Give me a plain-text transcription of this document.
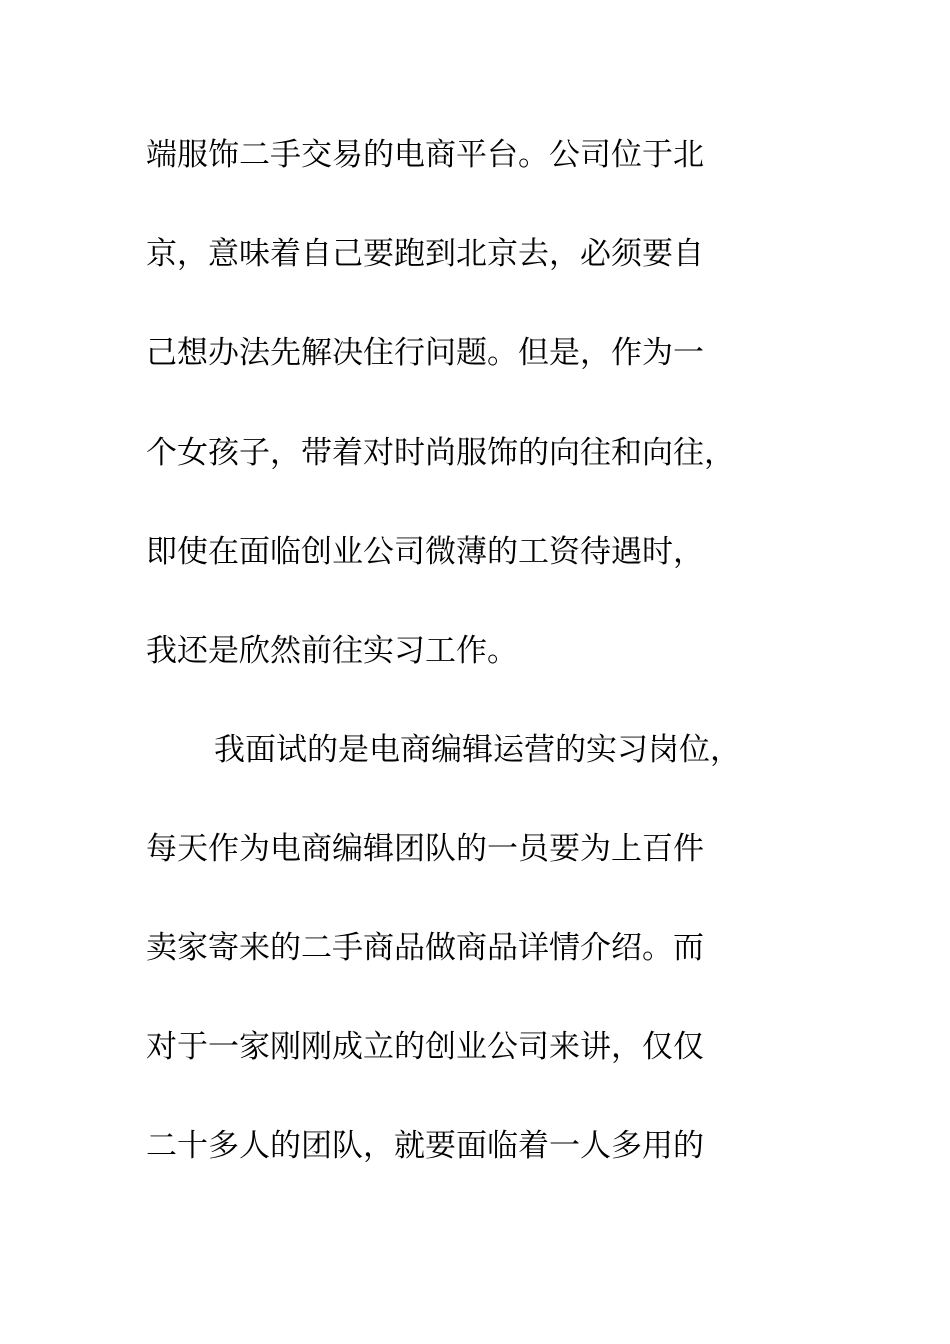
端服饰二手交易的电商平台。公司位于北
京，意味着自己要跑到北京去，必须要自
己想办法先解决住行问题。但是，作为一
个女孩子，带着对时尚服饰的向往和向往，
即使在面临创业公司微薄的工资待遇时，
我还是欣然前往实习工作。
我面试的是电商编辑运营的实习岗位，
每天作为电商编辑团队的一员要为上百件
卖家寄来的二手商品做商品详情介绍。而
对于一家刚刚成立的创业公司来讲，仅仅
二十多人的团队，就要面临着一人多用的
